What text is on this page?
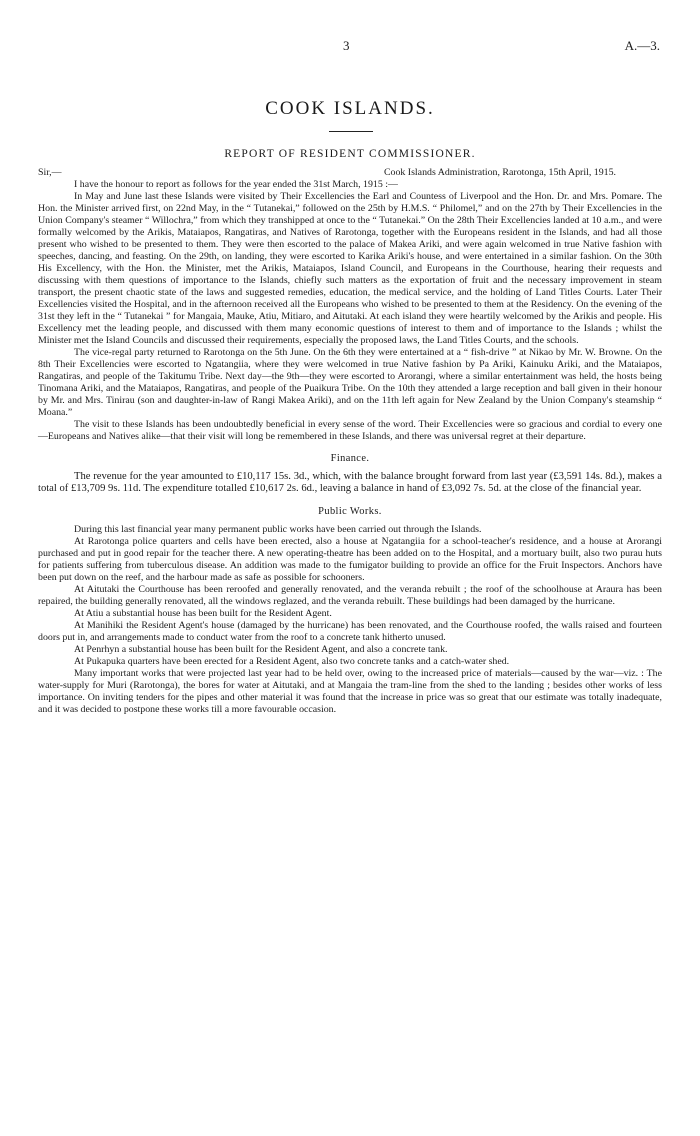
3	A.—3.
COOK ISLANDS.
REPORT OF RESIDENT COMMISSIONER.
Sir,—	Cook Islands Administration, Rarotonga, 15th April, 1915.

I have the honour to report as follows for the year ended the 31st March, 1915 :—

In May and June last these Islands were visited by Their Excellencies the Earl and Countess of Liverpool and the Hon. Dr. and Mrs. Pomare. The Hon. the Minister arrived first, on 22nd May, in the “ Tutanekai,” followed on the 25th by H.M.S. “ Philomel,” and on the 27th by Their Excellencies in the Union Company's steamer “ Willochra,” from which they transhipped at once to the “ Tutanekai.” On the 28th Their Excellencies landed at 10 a.m., and were formally welcomed by the Arikis, Mataiapos, Rangatiras, and Natives of Rarotonga, together with the Europeans resident in the Islands, and had all those present who wished to be presented to them. They were then escorted to the palace of Makea Ariki, and were again welcomed in true Native fashion with speeches, dancing, and feasting. On the 29th, on landing, they were escorted to Karika Ariki's house, and were entertained in a similar fashion. On the 30th His Excellency, with the Hon. the Minister, met the Arikis, Mataiapos, Island Council, and Europeans in the Courthouse, hearing their requests and discussing with them questions of importance to the Islands, chiefly such matters as the exportation of fruit and the necessary improvement in steam transport, the present chaotic state of the laws and suggested remedies, education, the medical service, and the holding of Land Titles Courts. Later Their Excellencies visited the Hospital, and in the afternoon received all the Europeans who wished to be presented to them at the Residency. On the evening of the 31st they left in the “ Tutanekai ” for Mangaia, Mauke, Atiu, Mitiaro, and Aitutaki. At each island they were heartily welcomed by the Arikis and people. His Excellency met the leading people, and discussed with them many economic questions of interest to them and of importance to the Islands ; whilst the Minister met the Island Councils and discussed their requirements, especially the proposed laws, the Land Titles Courts, and the schools.

The vice-regal party returned to Rarotonga on the 5th June. On the 6th they were entertained at a “ fish-drive ” at Nikao by Mr. W. Browne. On the 8th Their Excellencies were escorted to Ngatangiia, where they were welcomed in true Native fashion by Pa Ariki, Kainuku Ariki, and the Mataiapos, Rangatiras, and people of the Takitumu Tribe. Next day—the 9th—they were escorted to Arorangi, where a similar entertainment was held, the hosts being Tinomana Ariki, and the Mataiapos, Rangatiras, and people of the Puaikura Tribe. On the 10th they attended a large reception and ball given in their honour by Mr. and Mrs. Tinirau (son and daughter-in-law of Rangi Makea Ariki), and on the 11th left again for New Zealand by the Union Company's steamship “ Moana.”

The visit to these Islands has been undoubtedly beneficial in every sense of the word. Their Excellencies were so gracious and cordial to every one—Europeans and Natives alike—that their visit will long be remembered in these Islands, and there was universal regret at their departure.

Finance.

The revenue for the year amounted to £10,117 15s. 3d., which, with the balance brought forward from last year (£3,591 14s. 8d.), makes a total of £13,709 9s. 11d. The expenditure totalled £10,617 2s. 6d., leaving a balance in hand of £3,092 7s. 5d. at the close of the financial year.

Public Works.

During this last financial year many permanent public works have been carried out through the Islands.

At Rarotonga police quarters and cells have been erected, also a house at Ngatangiia for a school-teacher's residence, and a house at Arorangi purchased and put in good repair for the teacher there. A new operating-theatre has been added on to the Hospital, and a mortuary built, also two purau huts for patients suffering from tuberculous disease. An addition was made to the fumigator building to provide an office for the Fruit Inspectors. Anchors have been put down on the reef, and the harbour made as safe as possible for schooners.

At Aitutaki the Courthouse has been reroofed and generally renovated, and the veranda rebuilt ; the roof of the schoolhouse at Araura has been repaired, the building generally renovated, all the windows reglazed, and the veranda rebuilt. These buildings had been damaged by the hurricane.

At Atiu a substantial house has been built for the Resident Agent.

At Manihiki the Resident Agent's house (damaged by the hurricane) has been renovated, and the Courthouse roofed, the walls raised and fourteen doors put in, and arrangements made to conduct water from the roof to a concrete tank hitherto unused.

At Penrhyn a substantial house has been built for the Resident Agent, and also a concrete tank.

At Pukapuka quarters have been erected for a Resident Agent, also two concrete tanks and a catch-water shed.

Many important works that were projected last year had to be held over, owing to the increased price of materials—caused by the war—viz. : The water-supply for Muri (Rarotonga), the bores for water at Aitutaki, and at Mangaia the tram-line from the shed to the landing ; besides other works of less importance. On inviting tenders for the pipes and other material it was found that the increase in price was so great that our estimate was totally inadequate, and it was decided to postpone these works till a more favourable occasion.
